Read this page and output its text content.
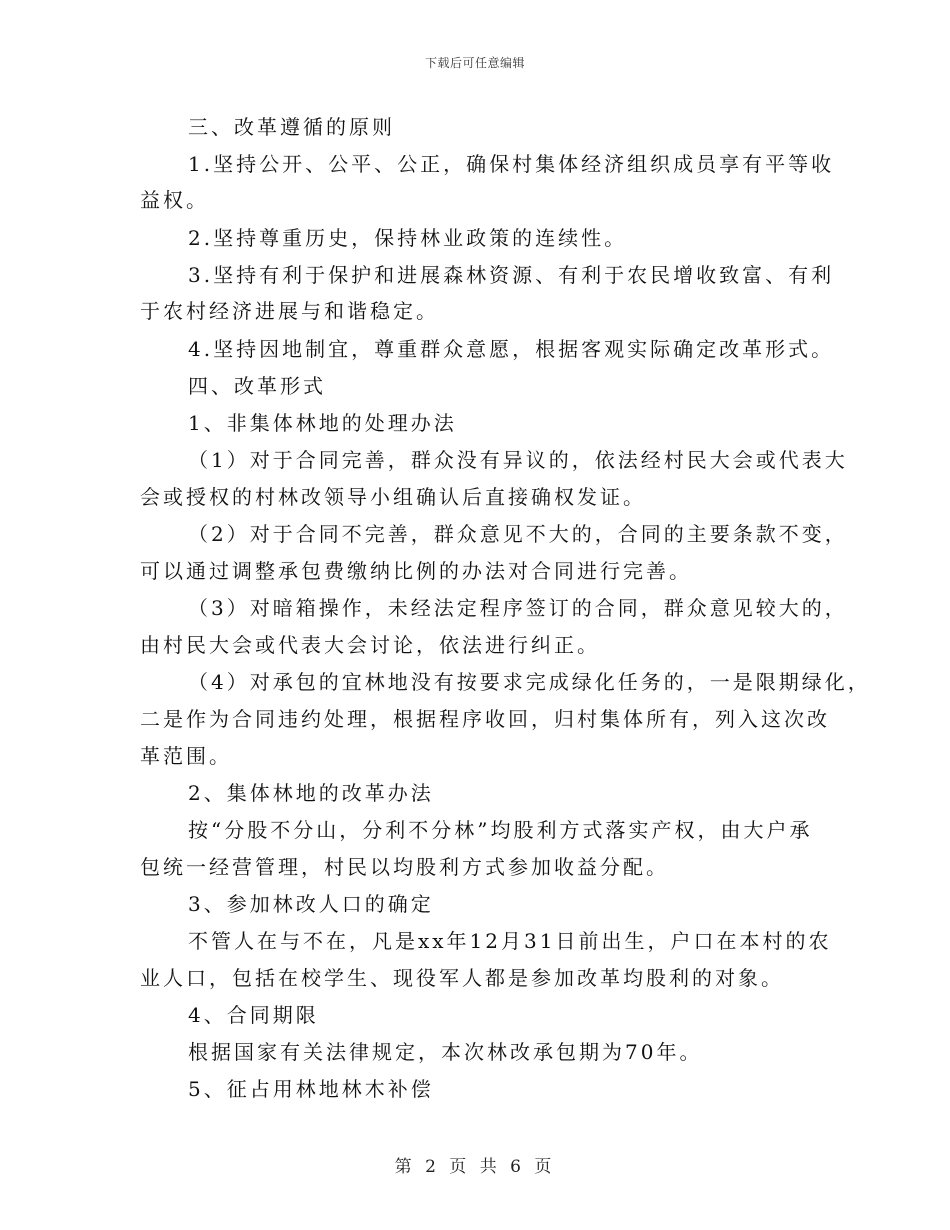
下载后可任意编辑
三、改革遵循的原则
1.坚持公开、公平、公正，确保村集体经济组织成员享有平等收
益权。
2.坚持尊重历史，保持林业政策的连续性。
3.坚持有利于保护和进展森林资源、有利于农民增收致富、有利
于农村经济进展与和谐稳定。
4.坚持因地制宜，尊重群众意愿，根据客观实际确定改革形式。
四、改革形式
1、非集体林地的处理办法
（1）对于合同完善，群众没有异议的，依法经村民大会或代表大
会或授权的村林改领导小组确认后直接确权发证。
（2）对于合同不完善，群众意见不大的，合同的主要条款不变，
可以通过调整承包费缴纳比例的办法对合同进行完善。
（3）对暗箱操作，未经法定程序签订的合同，群众意见较大的，
由村民大会或代表大会讨论，依法进行纠正。
（4）对承包的宜林地没有按要求完成绿化任务的，一是限期绿化，
二是作为合同违约处理，根据程序收回，归村集体所有，列入这次改
革范围。
2、集体林地的改革办法
按“分股不分山，分利不分林”均股利方式落实产权，由大户承
包统一经营管理，村民以均股利方式参加收益分配。
3、参加林改人口的确定
不管人在与不在，凡是xx年12月31日前出生，户口在本村的农
业人口，包括在校学生、现役军人都是参加改革均股利的对象。
4、合同期限
根据国家有关法律规定，本次林改承包期为70年。
5、征占用林地林木补偿
第 2 页 共 6 页
